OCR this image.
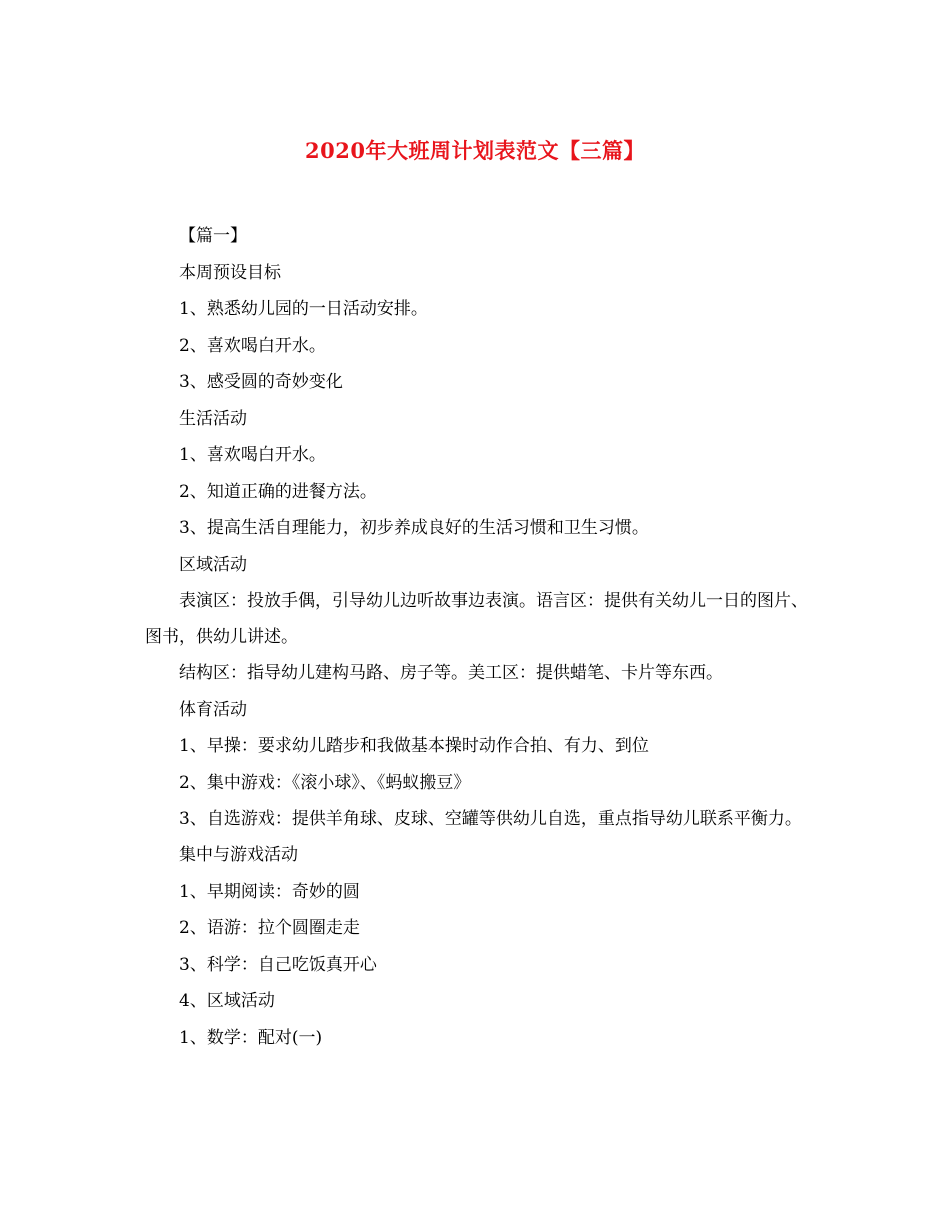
2020年大班周计划表范文【三篇】

【篇一】

本周预设目标

1、熟悉幼儿园的一日活动安排。

2、喜欢喝白开水。

3、感受圆的奇妙变化

生活活动

1、喜欢喝白开水。

2、知道正确的进餐方法。

3、提高生活自理能力，初步养成良好的生活习惯和卫生习惯。

区域活动

表演区：投放手偶，引导幼儿边听故事边表演。语言区：提供有关幼儿一日的图片、图书，供幼儿讲述。

结构区：指导幼儿建构马路、房子等。美工区：提供蜡笔、卡片等东西。

体育活动

1、早操：要求幼儿踏步和我做基本操时动作合拍、有力、到位

2、集中游戏：《滚小球》、《蚂蚁搬豆》

3、自选游戏：提供羊角球、皮球、空罐等供幼儿自选，重点指导幼儿联系平衡力。

集中与游戏活动

1、早期阅读：奇妙的圆

2、语游：拉个圆圈走走

3、科学：自己吃饭真开心

4、区域活动

1、数学：配对(一)
